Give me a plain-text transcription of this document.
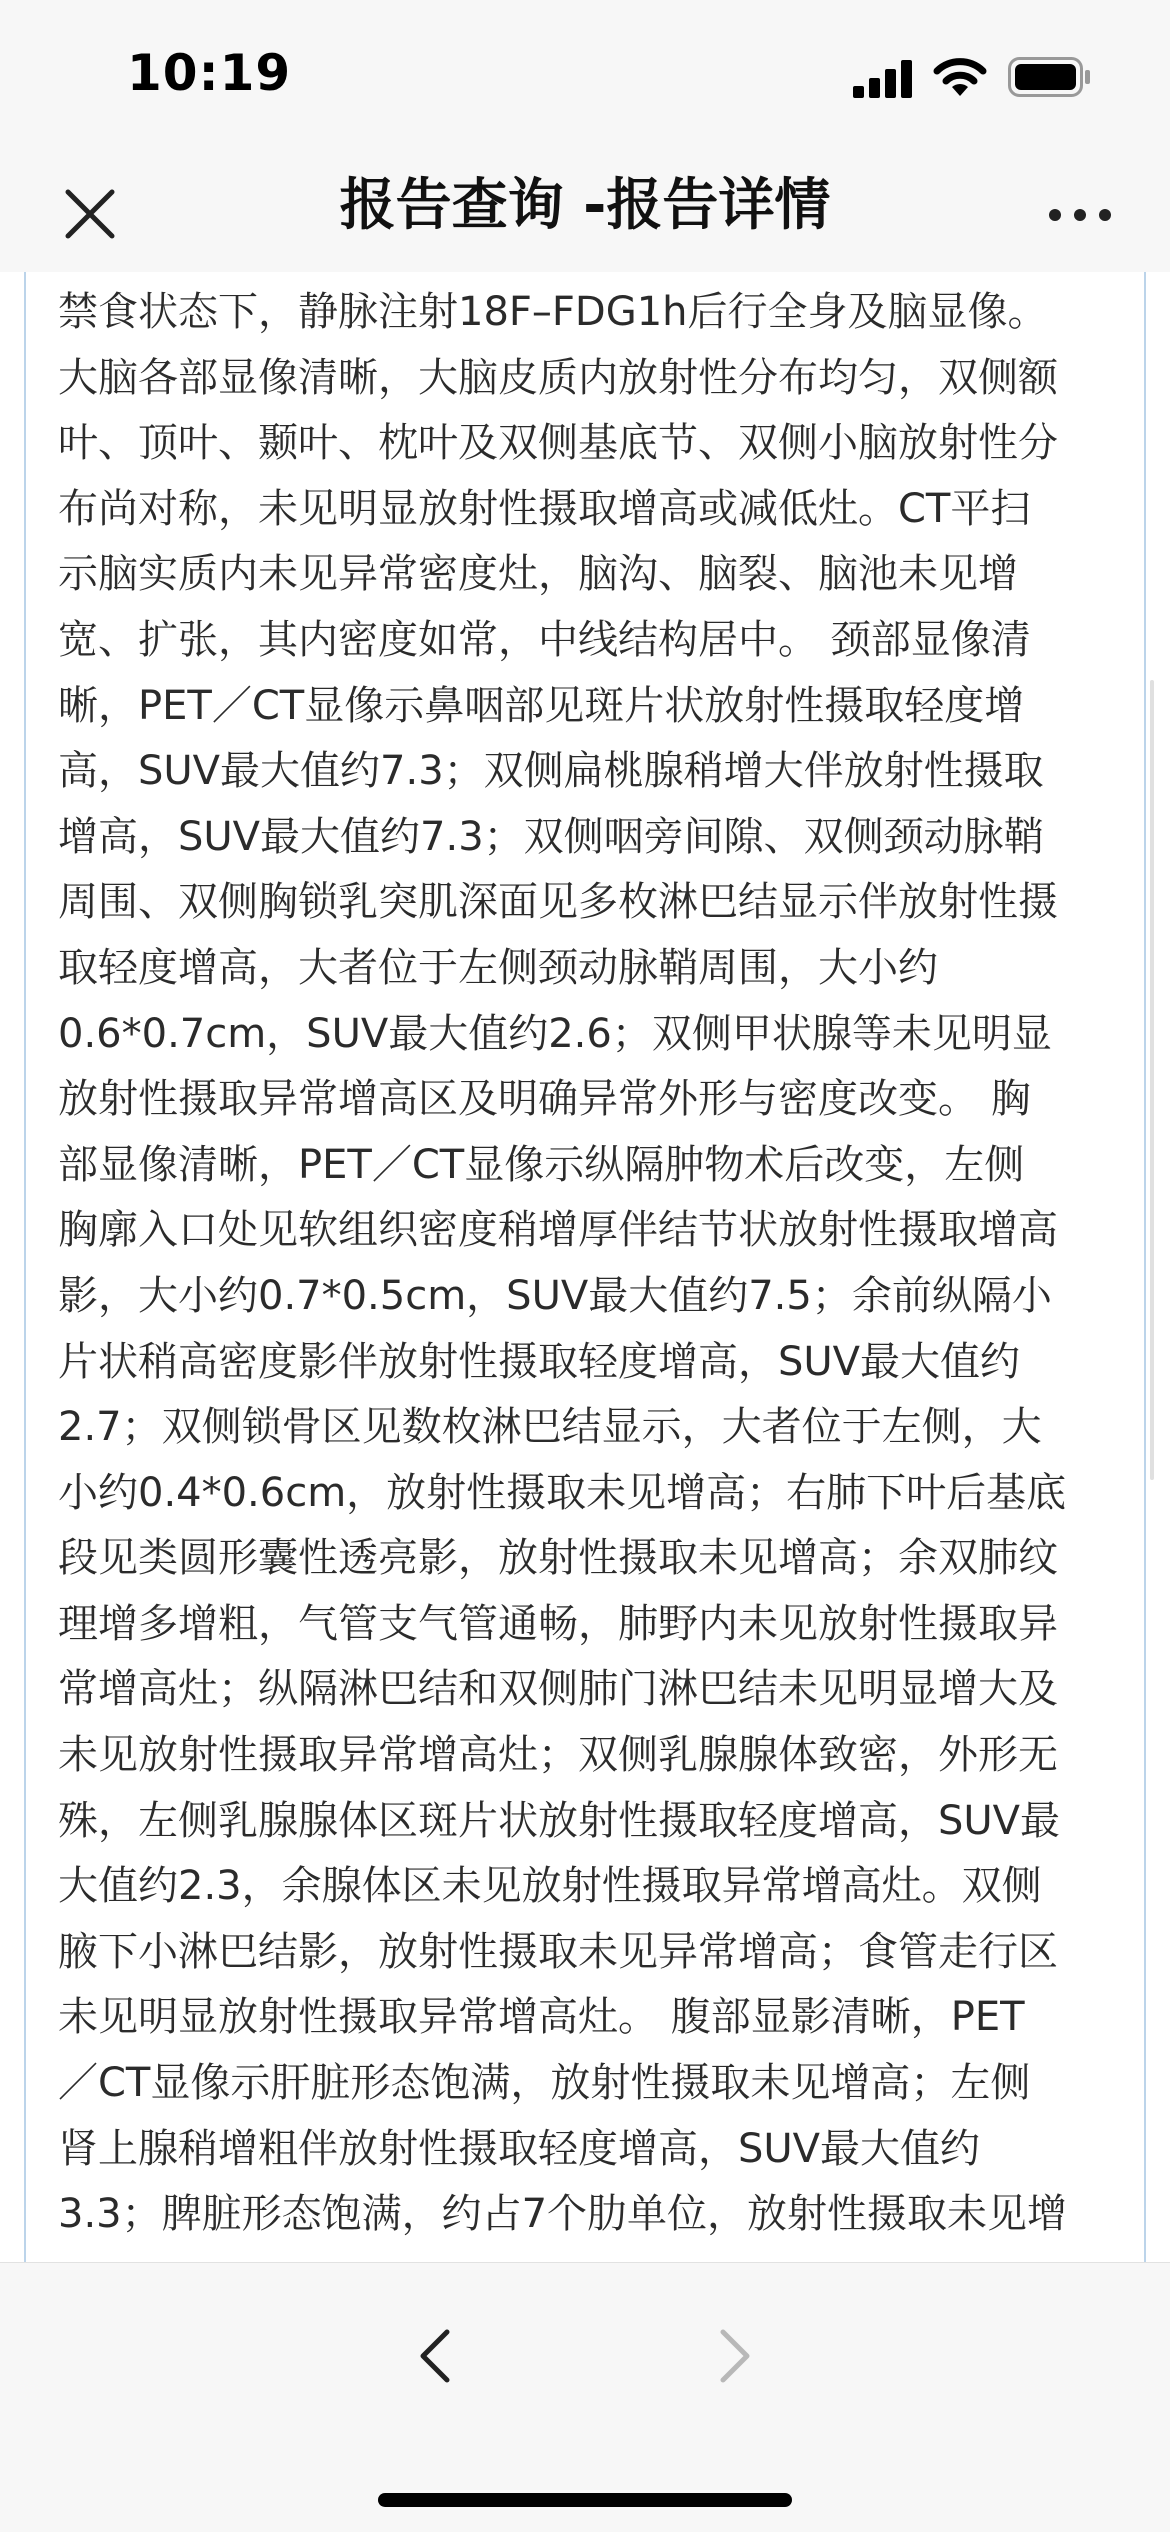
10:19
报告查询 -报告详情
禁食状态下，静脉注射18F–FDG1h后行全身及脑显像。
大脑各部显像清晰，大脑皮质内放射性分布均匀，双侧额
叶、顶叶、颞叶、枕叶及双侧基底节、双侧小脑放射性分
布尚对称，未见明显放射性摄取增高或减低灶。CT平扫
示脑实质内未见异常密度灶，脑沟、脑裂、脑池未见增
宽、扩张，其内密度如常，中线结构居中。 颈部显像清
晰，PET／CT显像示鼻咽部见斑片状放射性摄取轻度增
高，SUV最大值约7.3；双侧扁桃腺稍增大伴放射性摄取
增高，SUV最大值约7.3；双侧咽旁间隙、双侧颈动脉鞘
周围、双侧胸锁乳突肌深面见多枚淋巴结显示伴放射性摄
取轻度增高，大者位于左侧颈动脉鞘周围，大小约
0.6*0.7cm，SUV最大值约2.6；双侧甲状腺等未见明显
放射性摄取异常增高区及明确异常外形与密度改变。 胸
部显像清晰，PET／CT显像示纵隔肿物术后改变，左侧
胸廓入口处见软组织密度稍增厚伴结节状放射性摄取增高
影，大小约0.7*0.5cm，SUV最大值约7.5；余前纵隔小
片状稍高密度影伴放射性摄取轻度增高，SUV最大值约
2.7；双侧锁骨区见数枚淋巴结显示，大者位于左侧，大
小约0.4*0.6cm，放射性摄取未见增高；右肺下叶后基底
段见类圆形囊性透亮影，放射性摄取未见增高；余双肺纹
理增多增粗，气管支气管通畅，肺野内未见放射性摄取异
常增高灶；纵隔淋巴结和双侧肺门淋巴结未见明显增大及
未见放射性摄取异常增高灶；双侧乳腺腺体致密，外形无
殊，左侧乳腺腺体区斑片状放射性摄取轻度增高，SUV最
大值约2.3，余腺体区未见放射性摄取异常增高灶。双侧
腋下小淋巴结影，放射性摄取未见异常增高；食管走行区
未见明显放射性摄取异常增高灶。 腹部显影清晰，PET
／CT显像示肝脏形态饱满，放射性摄取未见增高；左侧
肾上腺稍增粗伴放射性摄取轻度增高，SUV最大值约
3.3；脾脏形态饱满，约占7个肋单位，放射性摄取未见增
